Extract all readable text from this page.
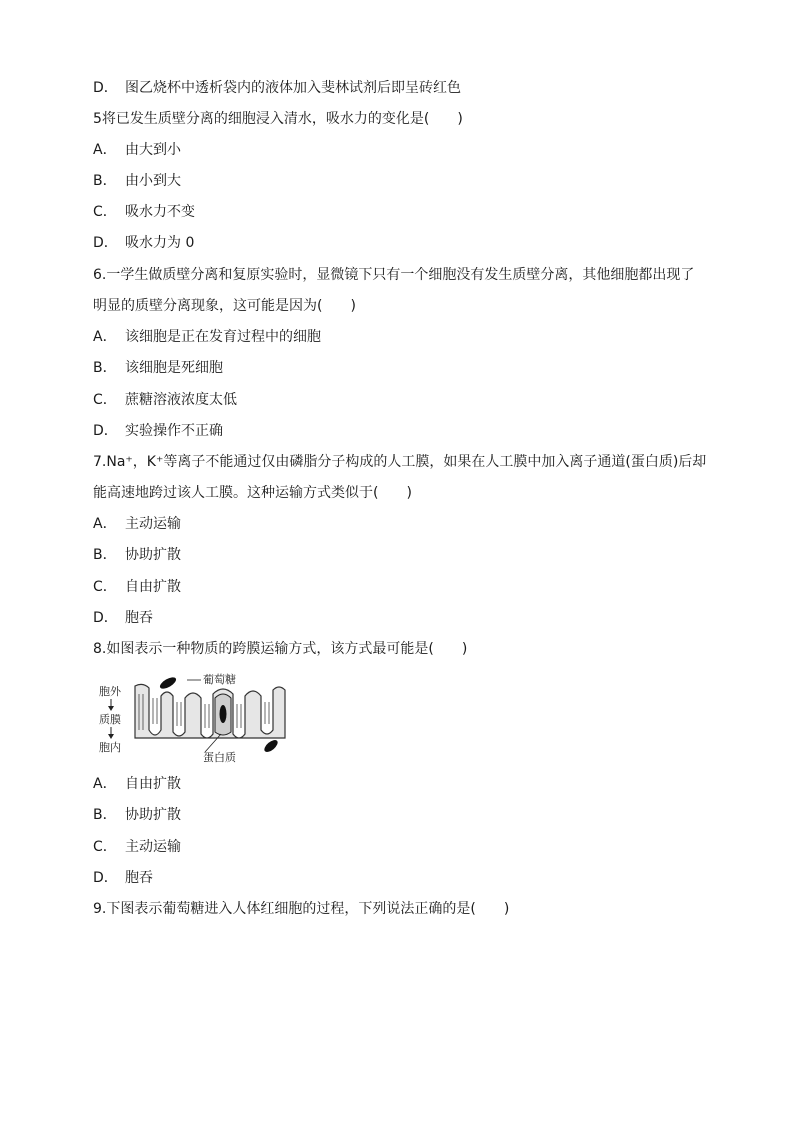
D． 图乙烧杯中透析袋内的液体加入斐林试剂后即呈砖红色
5将已发生质壁分离的细胞浸入清水，吸水力的变化是(　　)
A． 由大到小
B． 由小到大
C． 吸水力不变
D． 吸水力为 0
6.一学生做质壁分离和复原实验时，显微镜下只有一个细胞没有发生质壁分离，其他细胞都出现了
明显的质壁分离现象，这可能是因为(　　)
A． 该细胞是正在发育过程中的细胞
B． 该细胞是死细胞
C． 蔗糖溶液浓度太低
D． 实验操作不正确
7.Na⁺，K⁺等离子不能通过仅由磷脂分子构成的人工膜，如果在人工膜中加入离子通道(蛋白质)后却
能高速地跨过该人工膜。这种运输方式类似于(　　)
A． 主动运输
B． 协助扩散
C． 自由扩散
D． 胞吞
8.如图表示一种物质的跨膜运输方式，该方式最可能是(　　)
胞外
质膜
胞内
葡萄糖
蛋白质
A． 自由扩散
B． 协助扩散
C． 主动运输
D． 胞吞
9.下图表示葡萄糖进入人体红细胞的过程，下列说法正确的是(　　)
